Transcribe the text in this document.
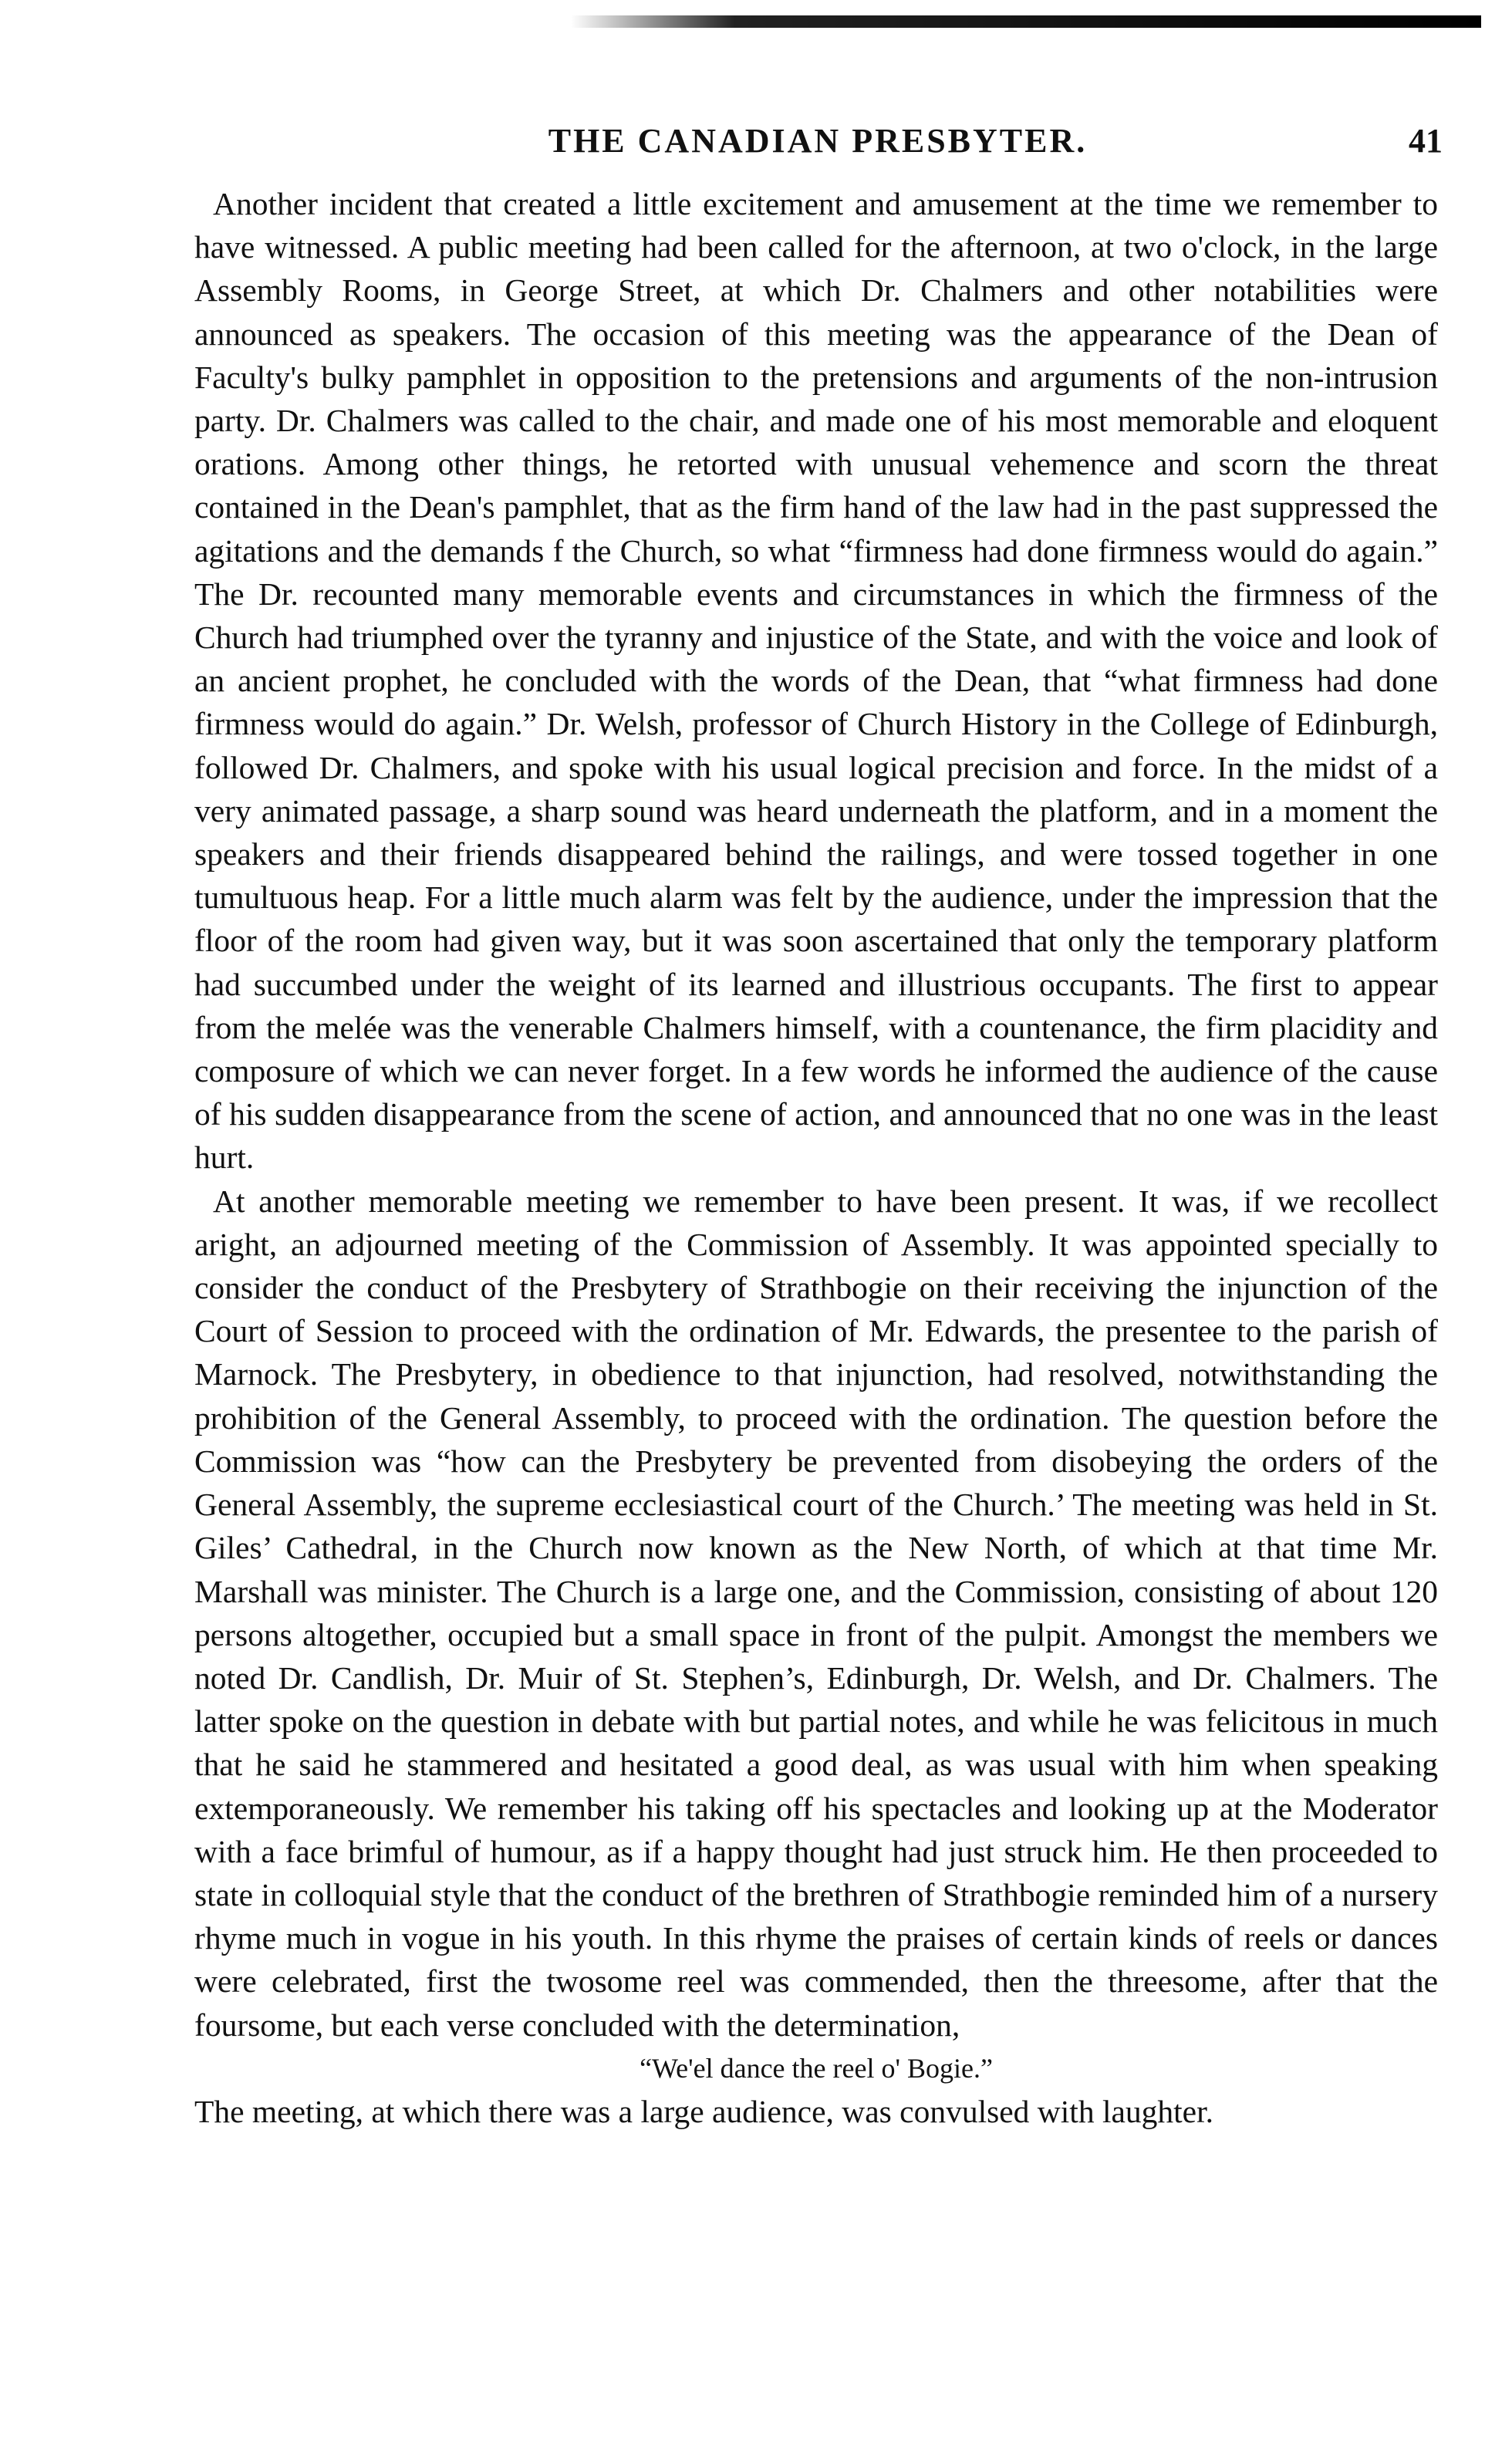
THE CANADIAN PRESBYTER.	41

Another incident that created a little excitement and amusement at the time we remember to have witnessed. A public meeting had been called for the afternoon, at two o'clock, in the large Assembly Rooms, in George Street, at which Dr. Chalmers and other notabilities were announced as speakers. The occasion of this meeting was the appearance of the Dean of Faculty's bulky pamphlet in opposition to the pretensions and arguments of the non-intrusion party. Dr. Chalmers was called to the chair, and made one of his most memorable and eloquent orations. Among other things, he retorted with unusual vehemence and scorn the threat contained in the Dean's pamphlet, that as the firm hand of the law had in the past suppressed the agitations and the demands f the Church, so what “firmness had done firmness would do again.” The Dr. recounted many memorable events and circumstances in which the firmness of the Church had triumphed over the tyranny and injustice of the State, and with the voice and look of an ancient prophet, he concluded with the words of the Dean, that “what firmness had done firmness would do again.” Dr. Welsh, professor of Church History in the College of Edinburgh, followed Dr. Chalmers, and spoke with his usual logical precision and force. In the midst of a very animated passage, a sharp sound was heard underneath the platform, and in a moment the speakers and their friends disappeared behind the railings, and were tossed together in one tumultuous heap. For a little much alarm was felt by the audience, under the impression that the floor of the room had given way, but it was soon ascertained that only the temporary platform had succumbed under the weight of its learned and illustrious occupants. The first to appear from the melée was the venerable Chalmers himself, with a countenance, the firm placidity and composure of which we can never forget. In a few words he informed the audience of the cause of his sudden disappearance from the scene of action, and announced that no one was in the least hurt.

At another memorable meeting we remember to have been present. It was, if we recollect aright, an adjourned meeting of the Commission of Assembly. It was appointed specially to consider the conduct of the Presbytery of Strathbogie on their receiving the injunction of the Court of Session to proceed with the ordination of Mr. Edwards, the presentee to the parish of Marnock. The Presbytery, in obedience to that injunction, had resolved, notwithstanding the prohibition of the General Assembly, to proceed with the ordination. The question before the Commission was “how can the Presbytery be prevented from disobeying the orders of the General Assembly, the supreme ecclesiastical court of the Church.’ The meeting was held in St. Giles’ Cathedral, in the Church now known as the New North, of which at that time Mr. Marshall was minister. The Church is a large one, and the Commission, consisting of about 120 persons altogether, occupied but a small space in front of the pulpit. Amongst the members we noted Dr. Candlish, Dr. Muir of St. Stephen’s, Edinburgh, Dr. Welsh, and Dr. Chalmers. The latter spoke on the question in debate with but partial notes, and while he was felicitous in much that he said he stammered and hesitated a good deal, as was usual with him when speaking extemporaneously. We remember his taking off his spectacles and looking up at the Moderator with a face brimful of humour, as if a happy thought had just struck him. He then proceeded to state in colloquial style that the conduct of the brethren of Strathbogie reminded him of a nursery rhyme much in vogue in his youth. In this rhyme the praises of certain kinds of reels or dances were celebrated, first the twosome reel was commended, then the threesome, after that the foursome, but each verse concluded with the determination,

“We'el dance the reel o' Bogie.”

The meeting, at which there was a large audience, was convulsed with laughter.
